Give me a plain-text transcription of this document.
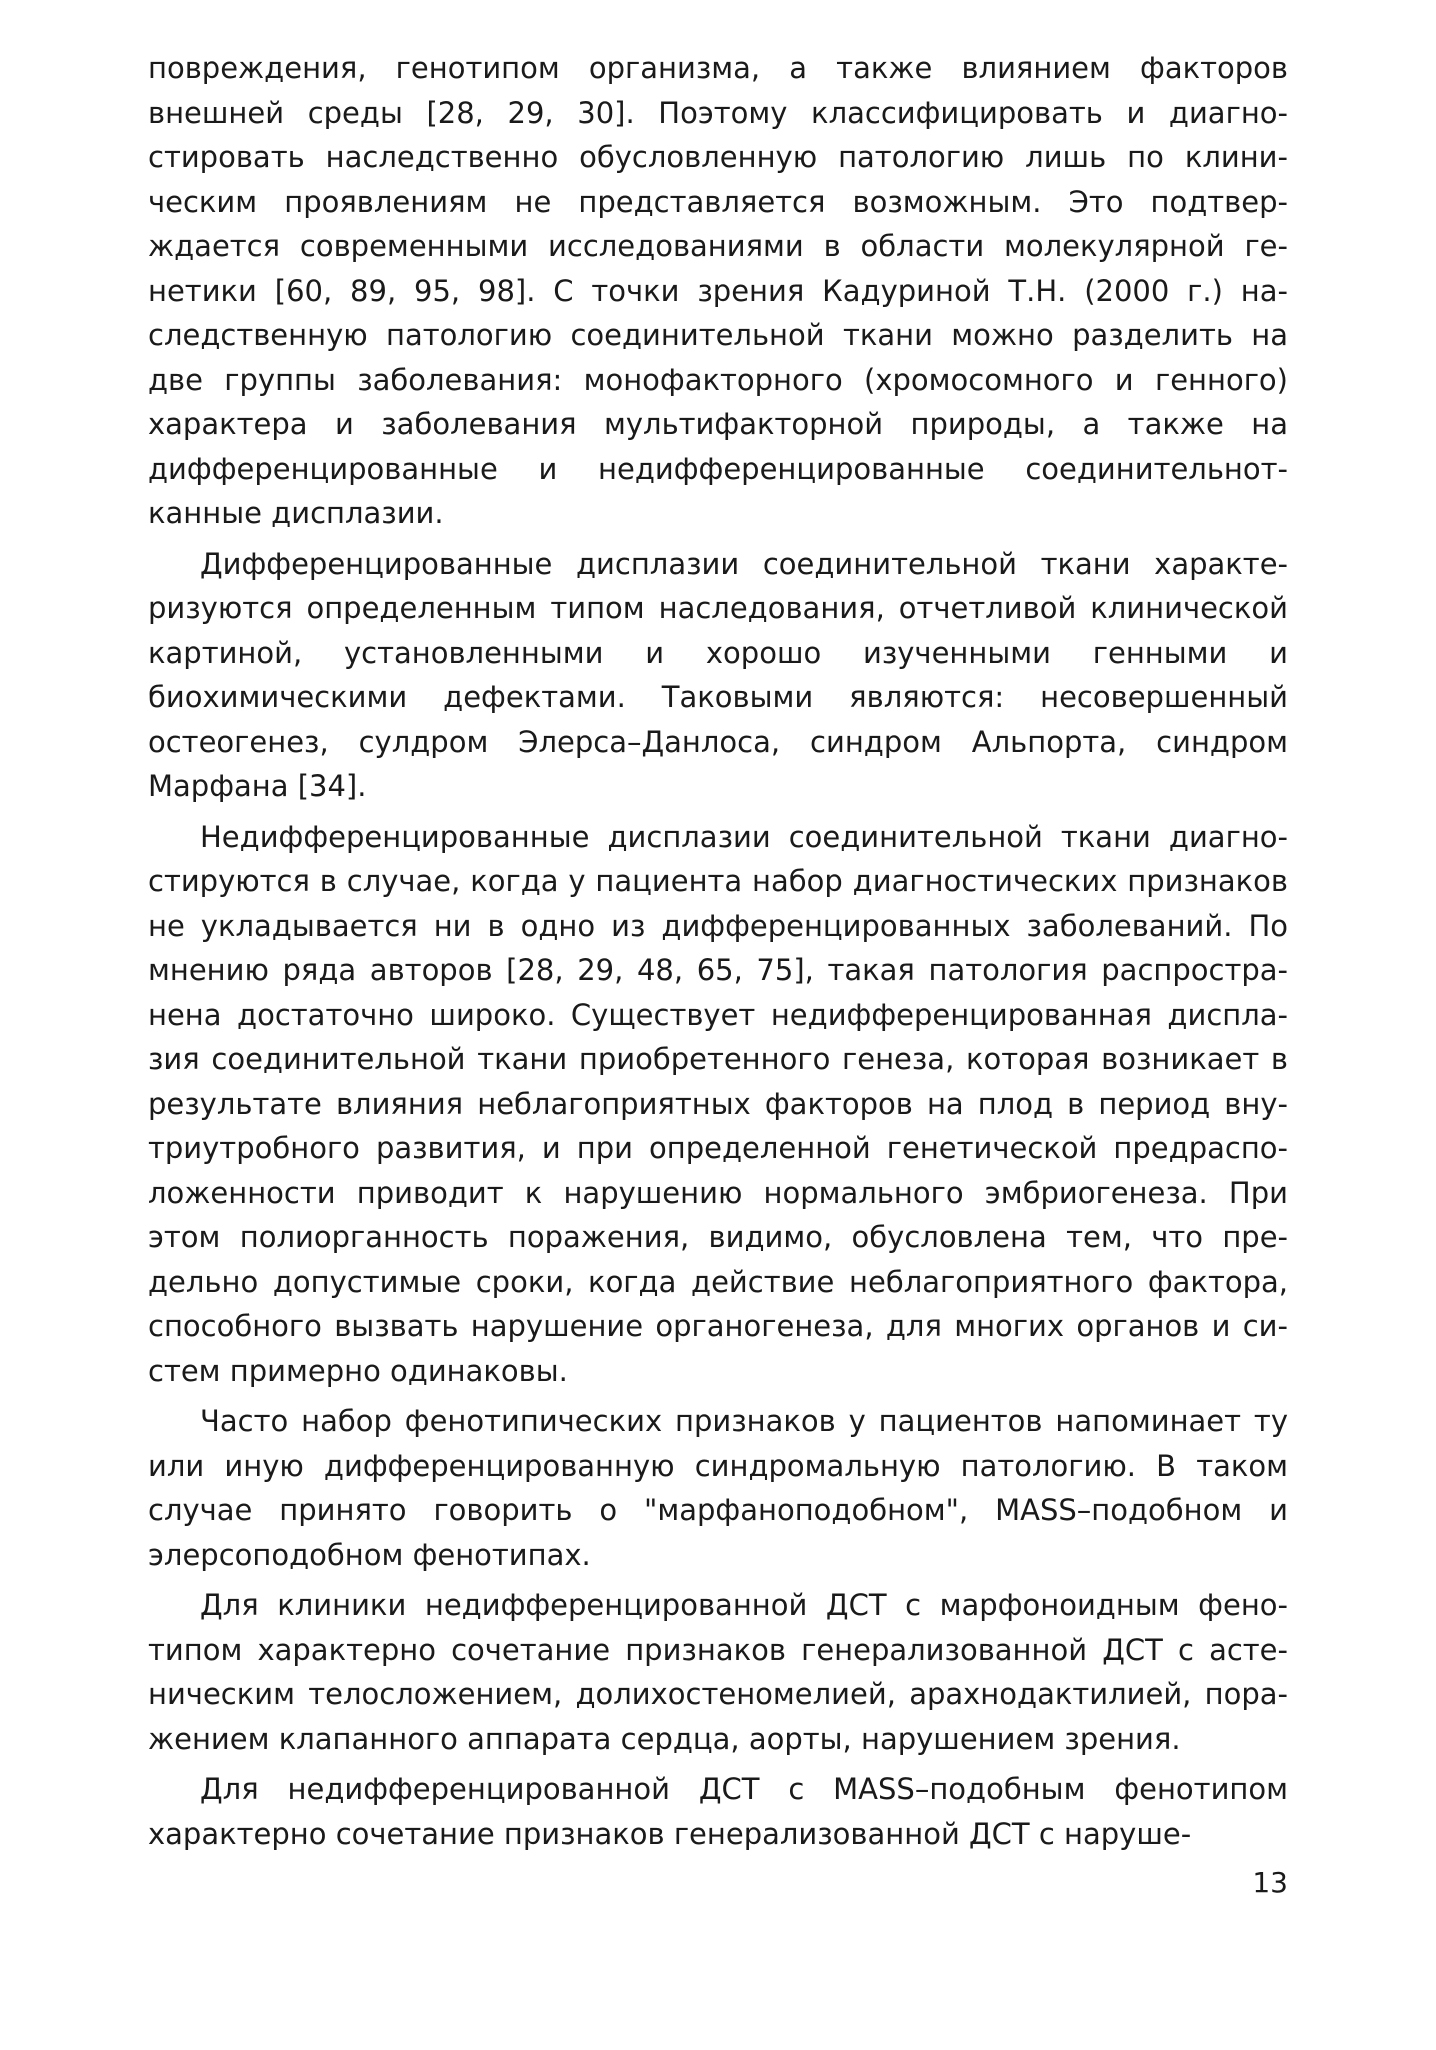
повреждения, генотипом организма, а также влиянием факторов внешней среды [28, 29, 30]. Поэтому классифицировать и диагностировать наследственно обусловленную патологию лишь по клиническим проявлениям не представляется возможным. Это подтверждается современными исследованиями в области молекулярной генетики [60, 89, 95, 98]. С точки зрения Кадуриной Т.Н. (2000 г.) наследственную патологию соединительной ткани можно разделить на две группы заболевания: монофакторного (хромосомного и генного) характера и заболевания мультифакторной природы, а также на дифференцированные и недифференцированные соединительнотканные дисплазии.

Дифференцированные дисплазии соединительной ткани характеризуются определенным типом наследования, отчетливой клинической картиной, установленными и хорошо изученными генными и биохимическими дефектами. Таковыми являются: несовершенный остеогенез, сулдром Элерса–Данлоса, синдром Альпорта, синдром Марфана [34].

Недифференцированные дисплазии соединительной ткани диагностируются в случае, когда у пациента набор диагностических признаков не укладывается ни в одно из дифференцированных заболеваний. По мнению ряда авторов [28, 29, 48, 65, 75], такая патология распространена достаточно широко. Существует недифференцированная дисплазия соединительной ткани приобретенного генеза, которая возникает в результате влияния неблагоприятных факторов на плод в период внутриутробного развития, и при определенной генетической предрасположенности приводит к нарушению нормального эмбриогенеза. При этом полиорганность поражения, видимо, обусловлена тем, что предельно допустимые сроки, когда действие неблагоприятного фактора, способного вызвать нарушение органогенеза, для многих органов и систем примерно одинаковы.

Часто набор фенотипических признаков у пациентов напоминает ту или иную дифференцированную синдромальную патологию. В таком случае принято говорить о "марфаноподобном", MASS–подобном и элерсоподобном фенотипах.

Для клиники недифференцированной ДСТ с марфоноидным фенотипом характерно сочетание признаков генерализованной ДСТ с астеническим телосложением, долихостеномелией, арахнодактилией, поражением клапанного аппарата сердца, аорты, нарушением зрения.

Для недифференцированной ДСТ с MASS–подобным фенотипом характерно сочетание признаков генерализованной ДСТ с наруше-

13
